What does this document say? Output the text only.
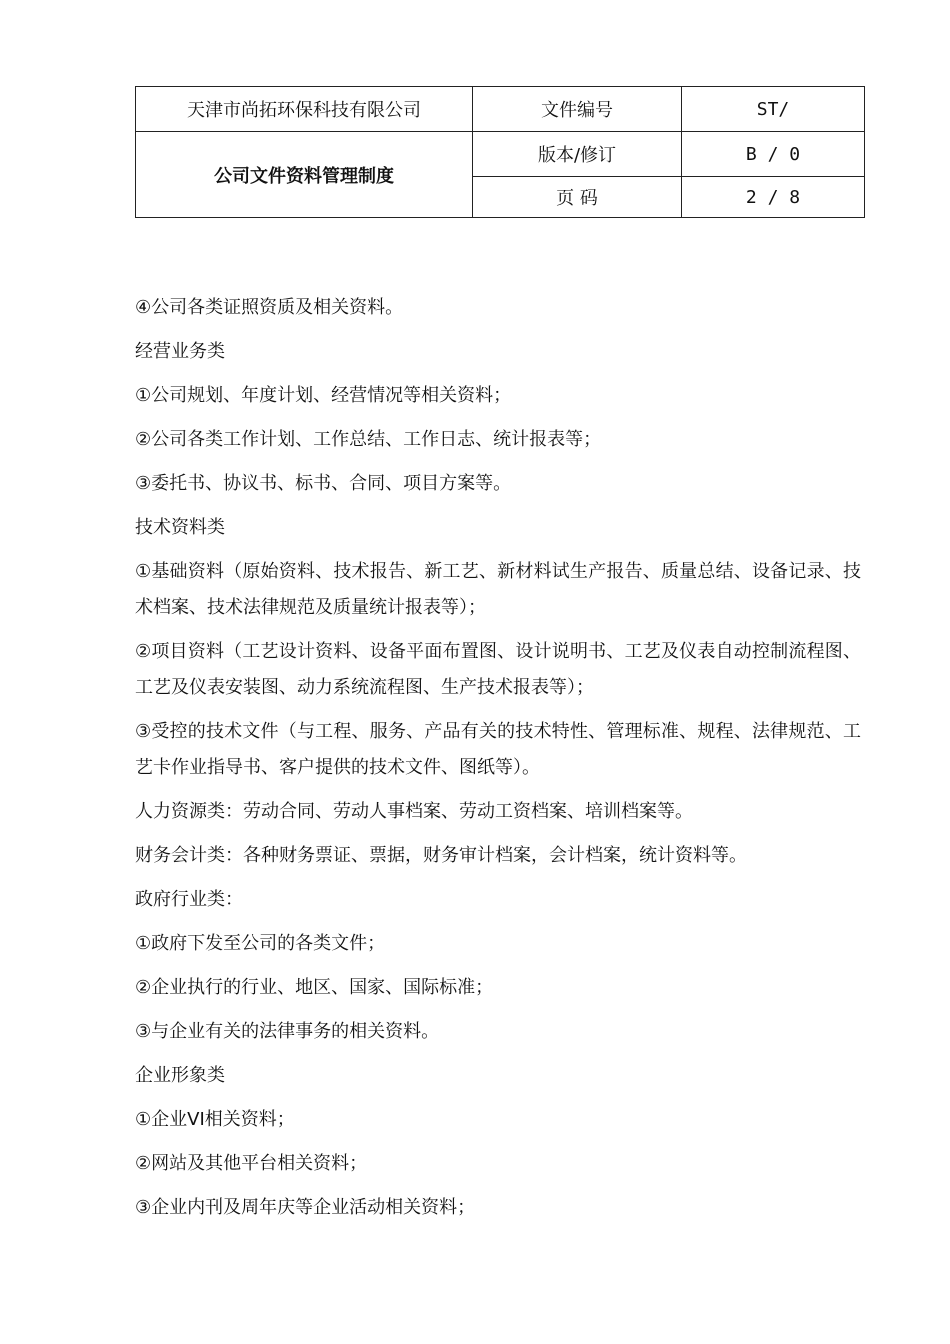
天津市尚拓环保科技有限公司	文件编号	ST/
公司文件资料管理制度	版本/修订	B / 0
	页 码	2 / 8
④公司各类证照资质及相关资料。
经营业务类
①公司规划、年度计划、经营情况等相关资料；
②公司各类工作计划、工作总结、工作日志、统计报表等；
③委托书、协议书、标书、合同、项目方案等。
技术资料类
①基础资料（原始资料、技术报告、新工艺、新材料试生产报告、质量总结、设备记录、技术档案、技术法律规范及质量统计报表等）；
②项目资料（工艺设计资料、设备平面布置图、设计说明书、工艺及仪表自动控制流程图、工艺及仪表安装图、动力系统流程图、生产技术报表等）；
③受控的技术文件（与工程、服务、产品有关的技术特性、管理标准、规程、法律规范、工艺卡作业指导书、客户提供的技术文件、图纸等）。
人力资源类：劳动合同、劳动人事档案、劳动工资档案、培训档案等。
财务会计类：各种财务票证、票据，财务审计档案，会计档案，统计资料等。
政府行业类：
①政府下发至公司的各类文件；
②企业执行的行业、地区、国家、国际标准；
③与企业有关的法律事务的相关资料。
企业形象类
①企业VI相关资料；
②网站及其他平台相关资料；
③企业内刊及周年庆等企业活动相关资料；
